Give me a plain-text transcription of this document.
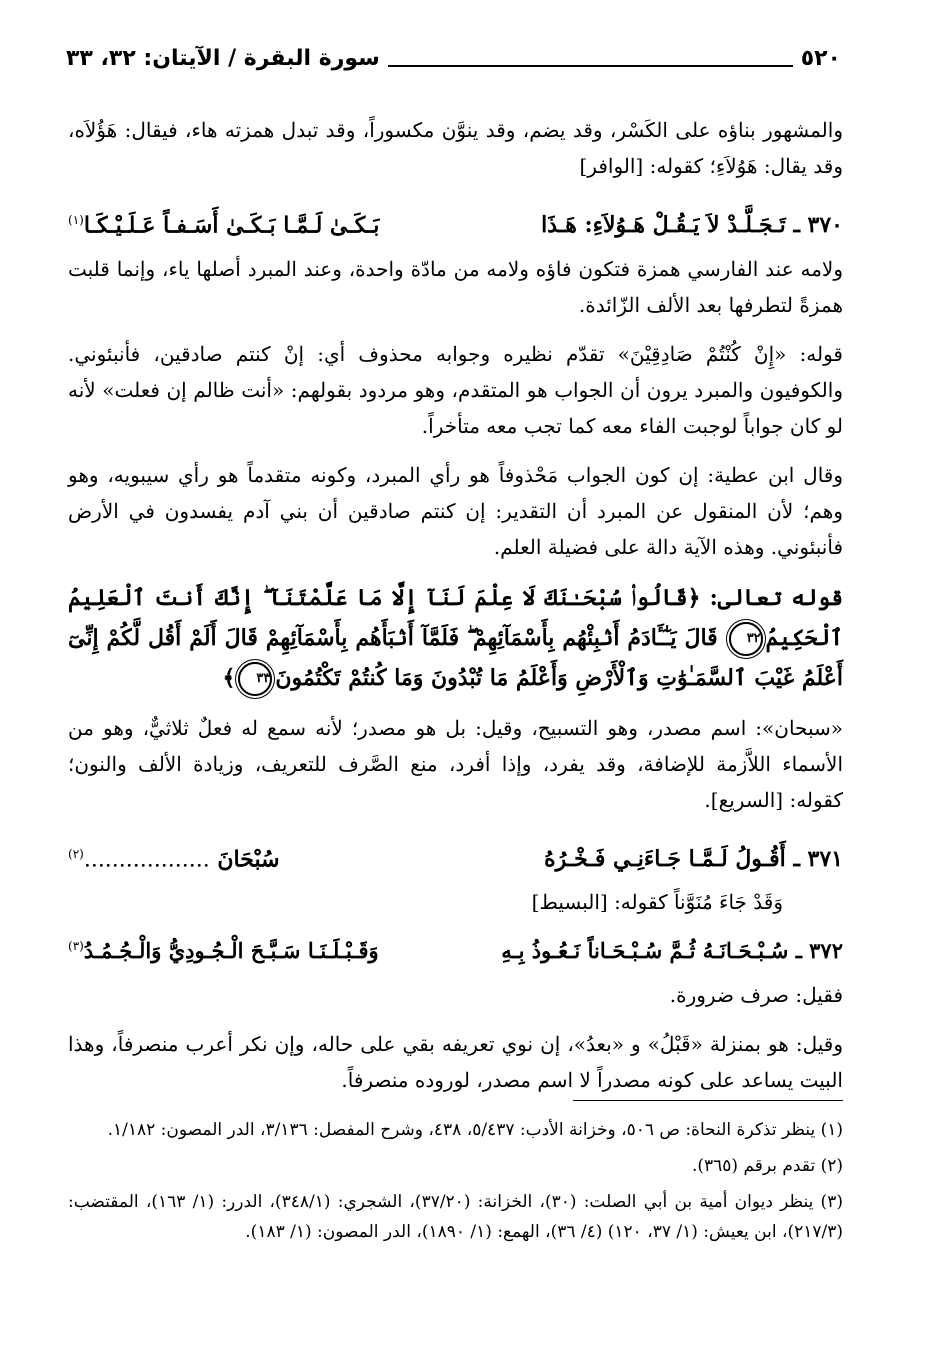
٥٢٠
سورة البقرة / الآيتان: ٣٢، ٣٣

والمشهور بناؤه على الكَسْر، وقد يضم، وقد ينوَّن مكسوراً، وقد تبدل همزته هاء، فيقال: هَؤُلاَه، وقد يقال: هَوُلاَءِ؛ كقوله: [الوافر]

٣٧٠ ـ تَـجَـلَّـدْ لاَ يَـقُـلْ هَـوُلاَءِ: هَـذَا
بَـكَـىٰ لَـمَّـا بَـكَـىٰ أَسَـفـاً عَـلَـيْـكَـا$^{(١)}$

ولامه عند الفارسي همزة فتكون فاؤه ولامه من مادّة واحدة، وعند المبرد أصلها ياء، وإنما قلبت همزةً لتطرفها بعد الألف الزّائدة.

قوله: «إِنْ كُنْتُمْ صَادِقِيْنَ» تقدّم نظيره وجوابه محذوف أي: إنْ كنتم صادقين، فأنبئوني. والكوفيون والمبرد يرون أن الجواب هو المتقدم، وهو مردود بقولهم: «أنت ظالم إن فعلت» لأنه لو كان جواباً لوجبت الفاء معه كما تجب معه متأخراً.

وقال ابن عطية: إن كون الجواب مَحْذوفاً هو رأي المبرد، وكونه متقدماً هو رأي سيبويه، وهو وهم؛ لأن المنقول عن المبرد أن التقدير: إن كنتم صادقين أن بني آدم يفسدون في الأرض فأنبئوني. وهذه الآية دالة على فضيلة العلم.

قوله تعالى: ﴿قَالُوا۟ سُبْحَـٰنَكَ لَا عِلْمَ لَنَآ إِلَّا مَا عَلَّمْتَنَآ ۖ إِنَّكَ أَنتَ ٱلْعَلِيمُ ٱلْحَكِيمُ٣٢ قَالَ يَـٰٓـَٔادَمُ أَنۢبِئْهُم بِأَسْمَآئِهِمْ ۖ فَلَمَّآ أَنۢبَأَهُم بِأَسْمَآئِهِمْ قَالَ أَلَمْ أَقُل لَّكُمْ إِنِّىٓ أَعْلَمُ غَيْبَ ٱلسَّمَـٰوَٰتِ وَٱلْأَرْضِ وَأَعْلَمُ مَا تُبْدُونَ وَمَا كُنتُمْ تَكْتُمُونَ٣٣﴾

«سبحان»: اسم مصدر، وهو التسبيح، وقيل: بل هو مصدر؛ لأنه سمع له فعلٌ ثلاثيٌّ، وهو من الأسماء اللاَّزمة للإضافة، وقد يفرد، وإذا أفرد، منع الصَّرف للتعريف، وزيادة الألف والنون؛ كقوله: [السريع].

٣٧١ ـ أَقُـولُ لَـمَّـا جَـاءَنِـي فَـخْـرُهُ
سُبْحَانَ ..................$^{(٢)}$

وَقَدْ جَاءَ مُنَوَّناً كقوله: [البسيط]

٣٧٢ ـ سُـبْـحَـانَـهُ ثُـمَّ سُـبْـحَـاناً نَـعُـوذُ بِـهِ
وَقَـبْـلَـنَـا سَـبَّـحَ الْـجُـودِيُّ وَالْـجُـمُـدُ$^{(٣)}$

فقيل: صرف ضرورة.

وقيل: هو بمنزلة «قَبْلُ» و «بعدُ»، إن نوي تعريفه بقي على حاله، وإن نكر أعرب منصرفاً، وهذا البيت يساعد على كونه مصدراً لا اسم مصدر، لوروده منصرفاً.

(١) ينظر تذكرة النحاة: ص ٥٠٦، وخزانة الأدب: ٥/٤٣٧، ٤٣٨، وشرح المفصل: ٣/١٣٦، الدر المصون: ١/١٨٢.

(٢) تقدم برقم (٣٦٥).

(٣) ينظر ديوان أمية بن أبي الصلت: (٣٠)، الخزانة: (٣٧/٢٠)، الشجري: (٣٤٨/١)، الدرر: (١/ ١٦٣)، المقتضب: (٢١٧/٣)، ابن يعيش: (١/ ٣٧، ١٢٠) (٤/ ٣٦)، الهمع: (١/ ١٨٩٠)، الدر المصون: (١/ ١٨٣).
